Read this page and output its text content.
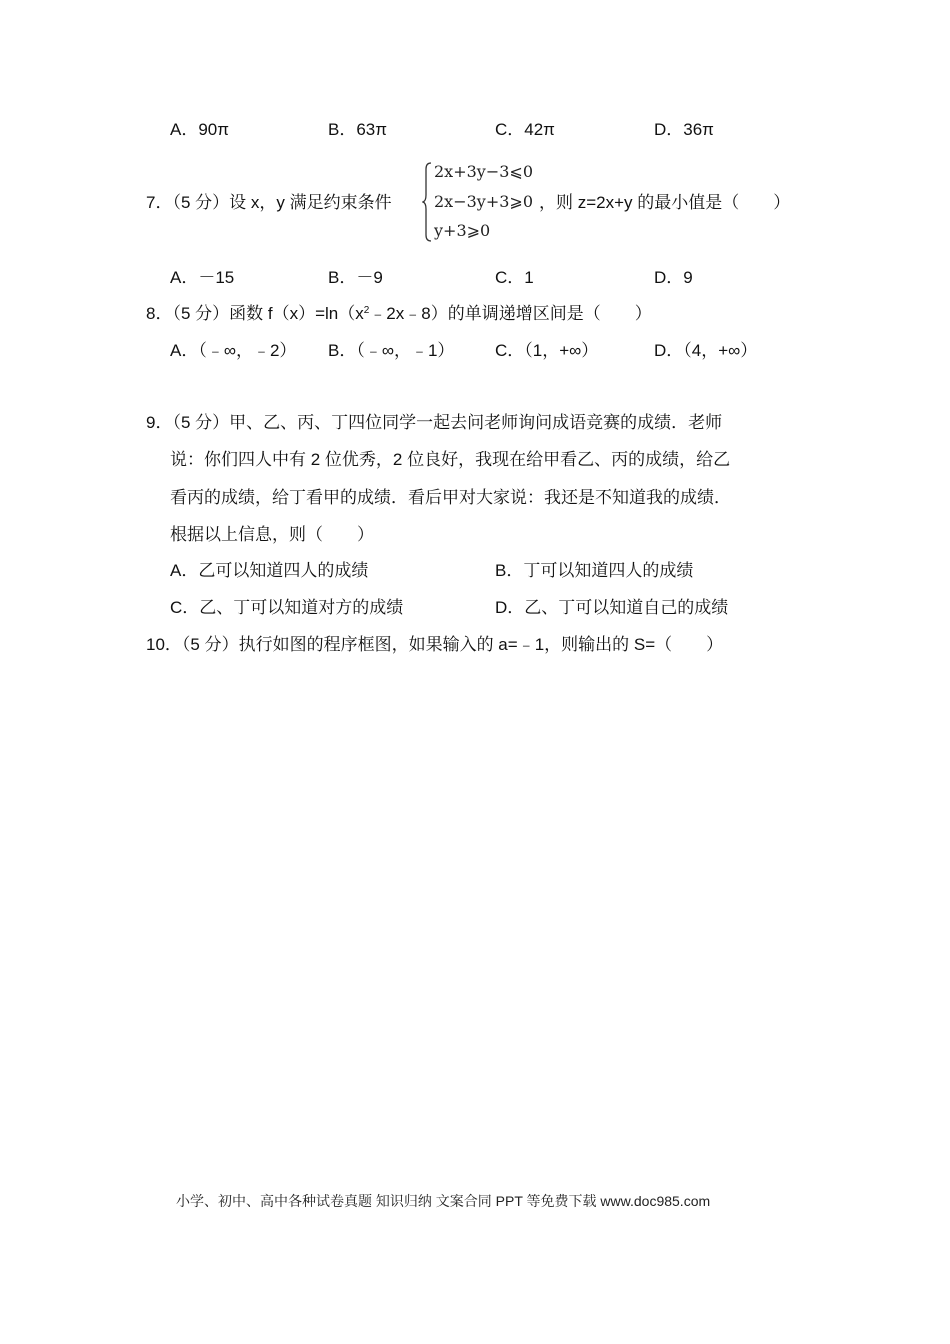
A．90π	B．63π	C．42π	D．36π
7．（5 分）设 x，y 满足约束条件
2x+3y−3⩽0
2x−3y+3⩾0
y+3⩾0
，则 z=2x+y 的最小值是（　　）
A．－15	B．－9	C．1	D．9
8．（5 分）函数 $f(x)=\ln(x^2﹣2x﹣8)$的单调递增区间是（　　）
A．（﹣∞，﹣2） B．（﹣∞，﹣1） C．（1，+∞）	D．（4，+∞）
9．（5 分）甲、乙、丙、丁四位同学一起去问老师询问成语竞赛的成绩．老师
说：你们四人中有 2 位优秀，2 位良好，我现在给甲看乙、丙的成绩，给乙
看丙的成绩，给丁看甲的成绩．看后甲对大家说：我还是不知道我的成绩．
根据以上信息，则（　　）
A．乙可以知道四人的成绩	B．丁可以知道四人的成绩
C．乙、丁可以知道对方的成绩	D．乙、丁可以知道自己的成绩
10．（5 分）执行如图的程序框图，如果输入的 a=﹣1，则输出的 S=（　　）
小学、初中、高中各种试卷真题 知识归纳 文案合同 PPT 等免费下载 www.doc985.com
